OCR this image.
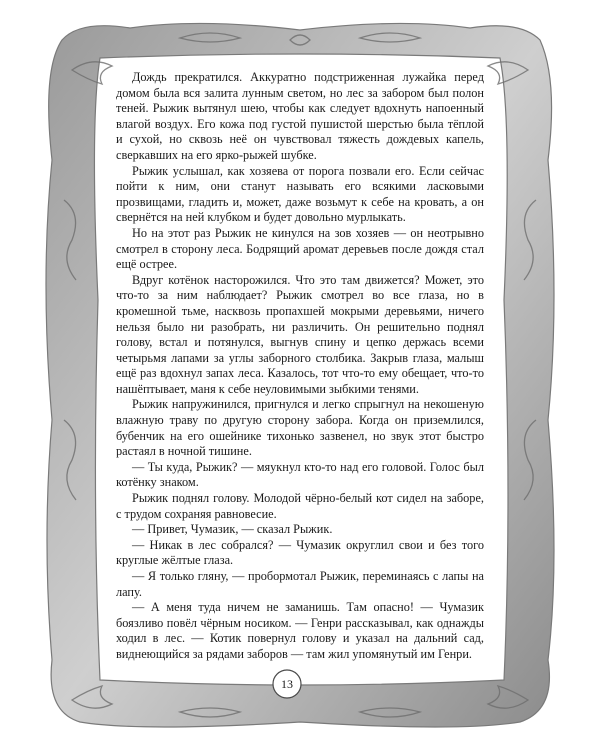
Дождь прекратился. Аккуратно подстриженная лужайка перед домом была вся залита лунным светом, но лес за забором был полон теней. Рыжик вытянул шею, чтобы как следует вдохнуть напоенный влагой воздух. Его кожа под густой пушистой шерстью была тёплой и сухой, но сквозь неё он чувствовал тяжесть дождевых капель, сверкавших на его ярко-рыжей шубке.

Рыжик услышал, как хозяева от порога позвали его. Если сейчас пойти к ним, они станут называть его всякими ласковыми прозвищами, гладить и, может, даже возьмут к себе на кровать, а он свернётся на ней клубком и будет довольно мурлыкать.

Но на этот раз Рыжик не кинулся на зов хозяев — он неотрывно смотрел в сторону леса. Бодрящий аромат деревьев после дождя стал ещё острее.

Вдруг котёнок насторожился. Что это там движется? Может, это что-то за ним наблюдает? Рыжик смотрел во все глаза, но в кромешной тьме, насквозь пропахшей мокрыми деревьями, ничего нельзя было ни разобрать, ни различить. Он решительно поднял голову, встал и потянулся, выгнув спину и цепко держась всеми четырьмя лапами за углы заборного столбика. Закрыв глаза, малыш ещё раз вдохнул запах леса. Казалось, тот что-то ему обещает, что-то нашёптывает, маня к себе неуловимыми зыбкими тенями.

Рыжик напружинился, пригнулся и легко спрыгнул на некошеную влажную траву по другую сторону забора. Когда он приземлился, бубенчик на его ошейнике тихонько зазвенел, но звук этот быстро растаял в ночной тишине.

— Ты куда, Рыжик? — мяукнул кто-то над его головой. Голос был котёнку знаком.

Рыжик поднял голову. Молодой чёрно-белый кот сидел на заборе, с трудом сохраняя равновесие.

— Привет, Чумазик, — сказал Рыжик.

— Никак в лес собрался? — Чумазик округлил свои и без того круглые жёлтые глаза.

— Я только гляну, — пробормотал Рыжик, переминаясь с лапы на лапу.

— А меня туда ничем не заманишь. Там опасно! — Чумазик боязливо повёл чёрным носиком. — Генри рассказывал, как однажды ходил в лес. — Котик повернул голову и указал на дальний сад, виднеющийся за рядами заборов — там жил упомянутый им Генри.

13
